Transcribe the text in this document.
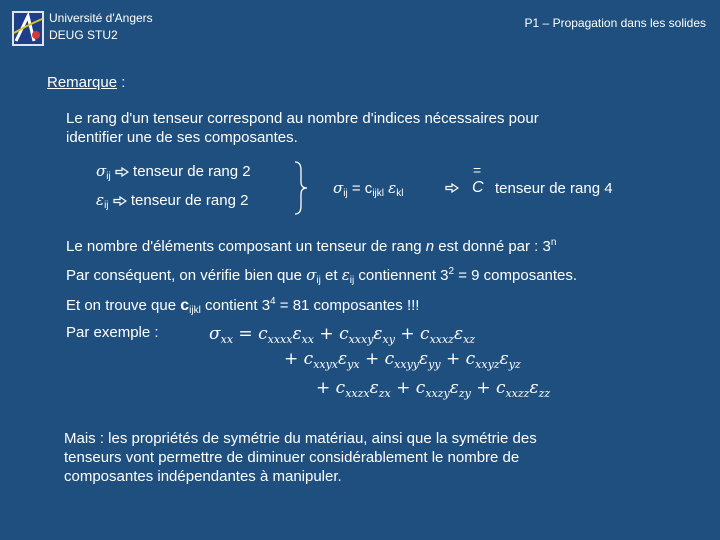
Université d'Angers
DEUG STU2
P1 – Propagation dans les solides
Remarque :
Le rang d'un tenseur correspond au nombre d'indices nécessaires pour
identifier une de ses composantes.
$\sigma_{ij}$ tenseur de rang 2
$\varepsilon_{ij}$ tenseur de rang 2
$\sigma_{ij} = c_{ijkl}$ $\varepsilon_{kl}$
=
C tenseur de rang 4
Le nombre d'éléments composant un tenseur de rang n est donné par : 3$^n$
Par conséquent, on vérifie bien que $\sigma_{ij}$ et $\varepsilon_{ij}$ contiennent $3^2 = 9$ composantes.
Et on trouve que $c_{ijkl}$ contient $3^4 = 81$ composantes !!!
Par exemple :	$\sigma_{xx} = c_{xxxx}\varepsilon_{xx} + c_{xxxy}\varepsilon_{xy} + c_{xxxz}\varepsilon_{xz}$
+ $c_{xxyx}\varepsilon_{yx} + c_{xxyy}\varepsilon_{yy} + c_{xxyz}\varepsilon_{yz}$
+ $c_{xxzx}\varepsilon_{zx} + c_{xxzy}\varepsilon_{zy} + c_{xxzz}\varepsilon_{zz}$
Mais : les propriétés de symétrie du matériau, ainsi que la symétrie des
tenseurs vont permettre de diminuer considérablement le nombre de
composantes indépendantes à manipuler.
